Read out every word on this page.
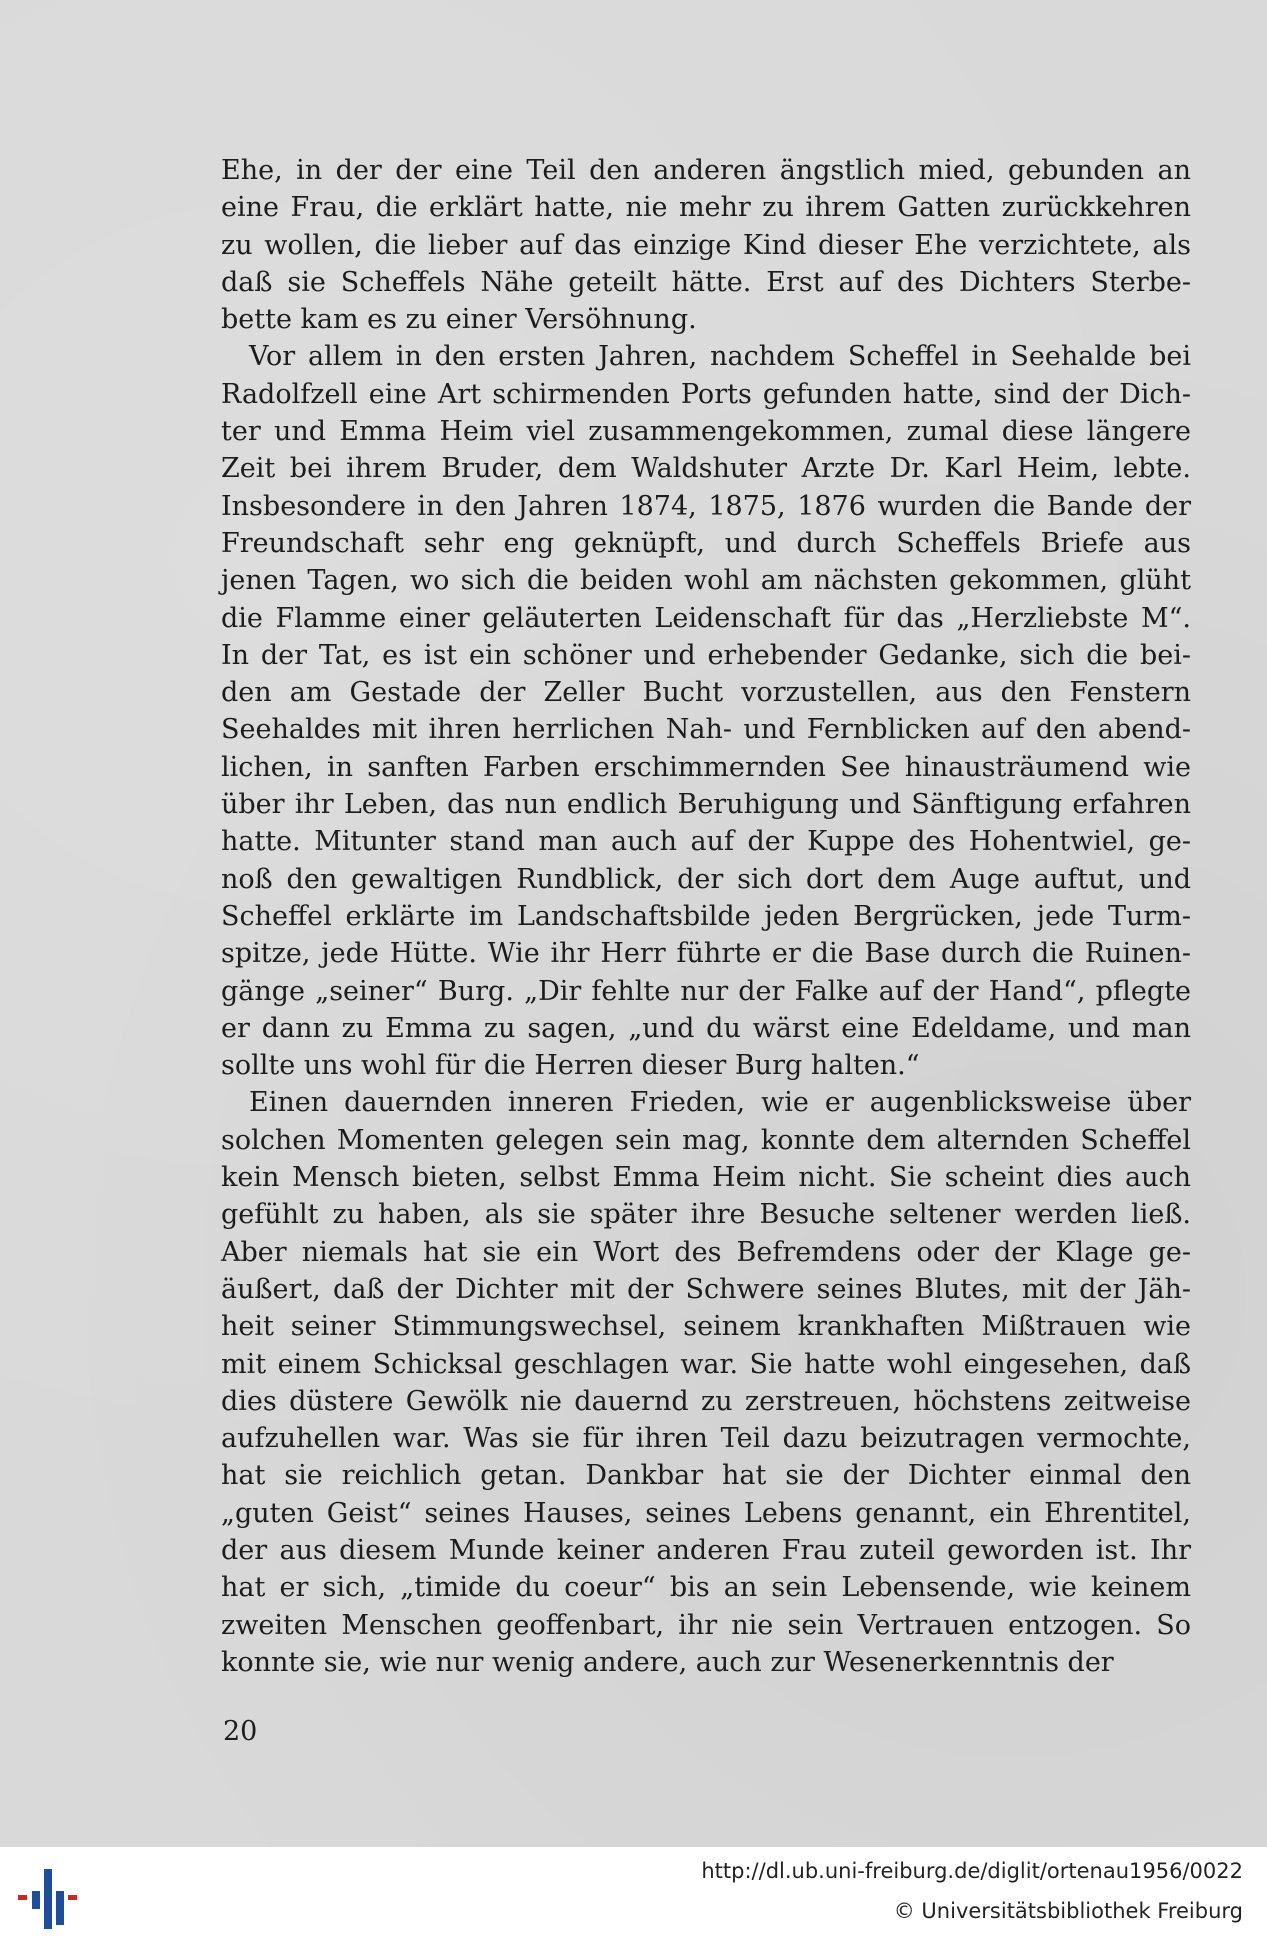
Ehe, in der der eine Teil den anderen ängstlich mied, gebunden an
eine Frau, die erklärt hatte, nie mehr zu ihrem Gatten zurückkehren
zu wollen, die lieber auf das einzige Kind dieser Ehe verzichtete, als
daß sie Scheffels Nähe geteilt hätte. Erst auf des Dichters Sterbe-
bette kam es zu einer Versöhnung.
Vor allem in den ersten Jahren, nachdem Scheffel in Seehalde bei
Radolfzell eine Art schirmenden Ports gefunden hatte, sind der Dich-
ter und Emma Heim viel zusammengekommen, zumal diese längere
Zeit bei ihrem Bruder, dem Waldshuter Arzte Dr. Karl Heim, lebte.
Insbesondere in den Jahren 1874, 1875, 1876 wurden die Bande der
Freundschaft sehr eng geknüpft, und durch Scheffels Briefe aus
jenen Tagen, wo sich die beiden wohl am nächsten gekommen, glüht
die Flamme einer geläuterten Leidenschaft für das „Herzliebste M“.
In der Tat, es ist ein schöner und erhebender Gedanke, sich die bei-
den am Gestade der Zeller Bucht vorzustellen, aus den Fenstern
Seehaldes mit ihren herrlichen Nah- und Fernblicken auf den abend-
lichen, in sanften Farben erschimmernden See hinausträumend wie
über ihr Leben, das nun endlich Beruhigung und Sänftigung erfahren
hatte. Mitunter stand man auch auf der Kuppe des Hohentwiel, ge-
noß den gewaltigen Rundblick, der sich dort dem Auge auftut, und
Scheffel erklärte im Landschaftsbilde jeden Bergrücken, jede Turm-
spitze, jede Hütte. Wie ihr Herr führte er die Base durch die Ruinen-
gänge „seiner“ Burg. „Dir fehlte nur der Falke auf der Hand“, pflegte
er dann zu Emma zu sagen, „und du wärst eine Edeldame, und man
sollte uns wohl für die Herren dieser Burg halten.“
Einen dauernden inneren Frieden, wie er augenblicksweise über
solchen Momenten gelegen sein mag, konnte dem alternden Scheffel
kein Mensch bieten, selbst Emma Heim nicht. Sie scheint dies auch
gefühlt zu haben, als sie später ihre Besuche seltener werden ließ.
Aber niemals hat sie ein Wort des Befremdens oder der Klage ge-
äußert, daß der Dichter mit der Schwere seines Blutes, mit der Jäh-
heit seiner Stimmungswechsel, seinem krankhaften Mißtrauen wie
mit einem Schicksal geschlagen war. Sie hatte wohl eingesehen, daß
dies düstere Gewölk nie dauernd zu zerstreuen, höchstens zeitweise
aufzuhellen war. Was sie für ihren Teil dazu beizutragen vermochte,
hat sie reichlich getan. Dankbar hat sie der Dichter einmal den
„guten Geist“ seines Hauses, seines Lebens genannt, ein Ehrentitel,
der aus diesem Munde keiner anderen Frau zuteil geworden ist. Ihr
hat er sich, „timide du coeur“ bis an sein Lebensende, wie keinem
zweiten Menschen geoffenbart, ihr nie sein Vertrauen entzogen. So
konnte sie, wie nur wenig andere, auch zur Wesenerkenntnis der
20
http://dl.ub.uni-freiburg.de/diglit/ortenau1956/0022
© Universitätsbibliothek Freiburg
